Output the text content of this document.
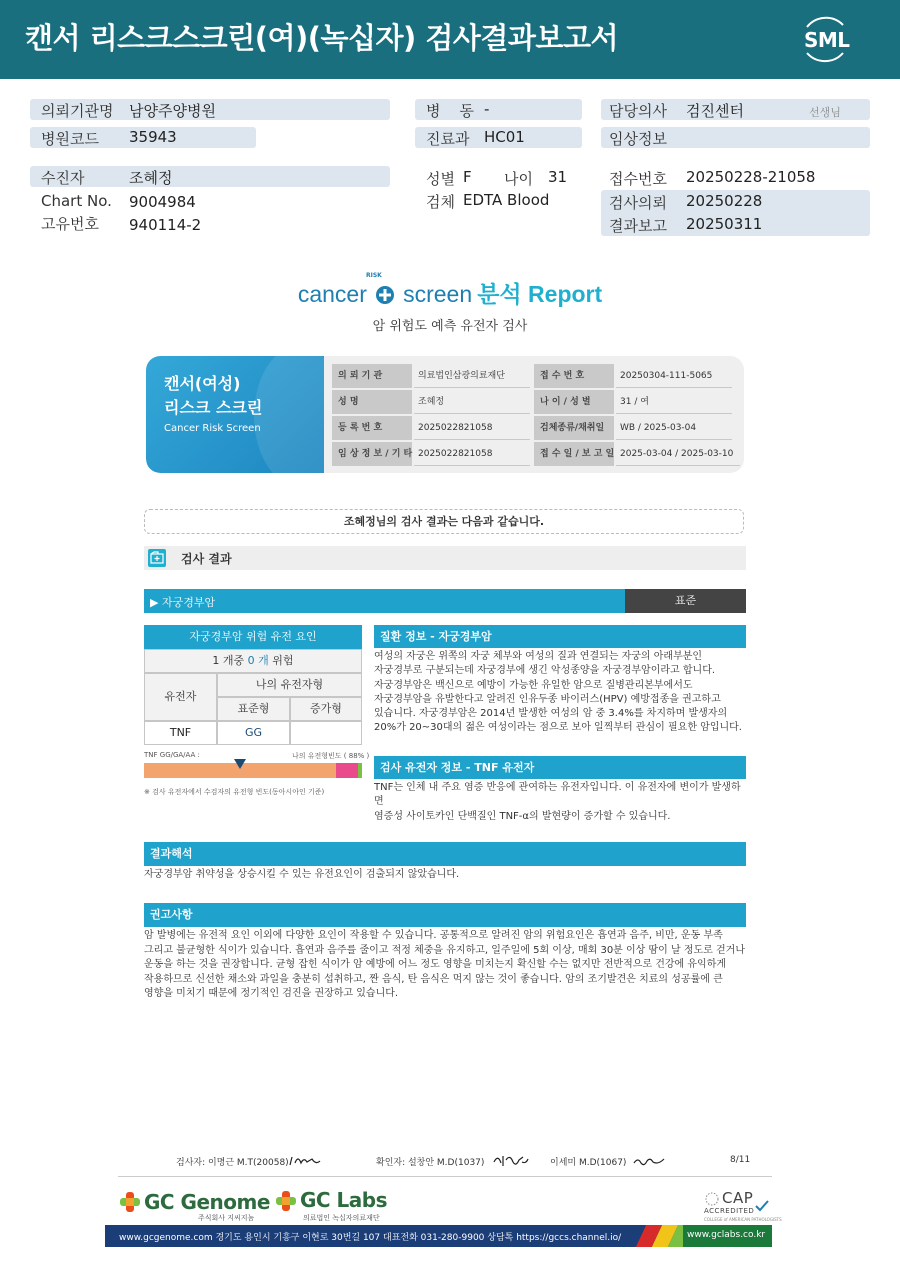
캔서 리스크스크린(여)(녹십자) 검사결과보고서	SML
의뢰기관명 남양주양병원
병원코드 35943
병    동 -
진료과 HC01
담당의사 검진센터	선생님
임상정보
수진자	조혜정
Chart No. 9004984
고유번호 940114-2
성별 F 나이 31
검체 EDTA Blood
접수번호 20250228-21058
검사의뢰 20250228
결과보고 20250311
cancer screen 분석 Report
RISK
암 위험도 예측 유전자 검사
캔서(여성)
리스크 스크린
Cancer Risk Screen
의 뢰 기 관	의료법인삼광의료재단	접 수 번 호	20250304-111-5065
성 명	조혜정	나 이 / 성 별	31 / 여
등 록 번 호	2025022821058	검체종류/채취일	WB / 2025-03-04
임 상 정 보 / 기 타 2025022821058	접 수 일 / 보 고 일 2025-03-04 / 2025-03-10
조혜정님의 검사 결과는 다음과 같습니다.
검사 결과
▶ 자궁경부암	표준
자궁경부암 위험 유전 요인
1 개중 0 개 위험
유전자
나의 유전자형
표준형	증가형
TNF	GG
TNF GG/GA/AA :	나의 유전형빈도 ( 88% )
※ 검사 유전자에서 수검자의 유전형 빈도(동아시아인 기준)
질환 정보 - 자궁경부암
여성의 자궁은 위쪽의 자궁 체부와 여성의 질과 연결되는 자궁의 아래부분인
자궁경부로 구분되는데 자궁경부에 생긴 악성종양을 자궁경부암이라고 합니다.
자궁경부암은 백신으로 예방이 가능한 유일한 암으로 질병관리본부에서도
자궁경부암을 유발한다고 알려진 인유두종 바이러스(HPV) 예방접종을 권고하고
있습니다. 자궁경부암은 2014년 발생한 여성의 암 중 3.4%를 차지하며 발생자의
20%가 20~30대의 젊은 여성이라는 점으로 보아 일찍부터 관심이 필요한 암입니다.
검사 유전자 정보 - TNF 유전자
TNF는 인체 내 주요 염증 반응에 관여하는 유전자입니다. 이 유전자에 변이가 발생하면
염증성 사이토카인 단백질인 TNF-α의 발현량이 증가할 수 있습니다.
결과해석
자궁경부암 취약성을 상승시킬 수 있는 유전요인이 검출되지 않았습니다.
권고사항
암 발병에는 유전적 요인 이외에 다양한 요인이 작용할 수 있습니다. 공통적으로 알려진 암의 위험요인은 흡연과 음주, 비만, 운동 부족
그리고 불균형한 식이가 있습니다. 흡연과 음주를 줄이고 적정 체중을 유지하고, 일주일에 5회 이상, 매회 30분 이상 땀이 날 정도로 걷거나
운동을 하는 것을 권장합니다. 균형 잡힌 식이가 암 예방에 어느 정도 영향을 미치는지 확신할 수는 없지만 전반적으로 건강에 유익하게
작용하므로 신선한 채소와 과일을 충분히 섭취하고, 짠 음식, 탄 음식은 먹지 않는 것이 좋습니다. 암의 조기발견은 치료의 성공률에 큰
영향을 미치기 때문에 정기적인 검진을 권장하고 있습니다.
검사자: 이명근 M.T(20058)	확인자: 설창안 M.D(1037)	이세미 M.D(1067)	8/11
GC Genome
주식회사 지씨지놈
GC Labs
의료법인 녹십자의료재단
CAP
ACCREDITED
COLLEGE of AMERICAN PATHOLOGISTS
www.gcgenome.com 경기도 용인시 기흥구 이현로 30번길 107 대표전화 031-280-9900 상담톡 https://gccs.channel.io/	www.gclabs.co.kr
